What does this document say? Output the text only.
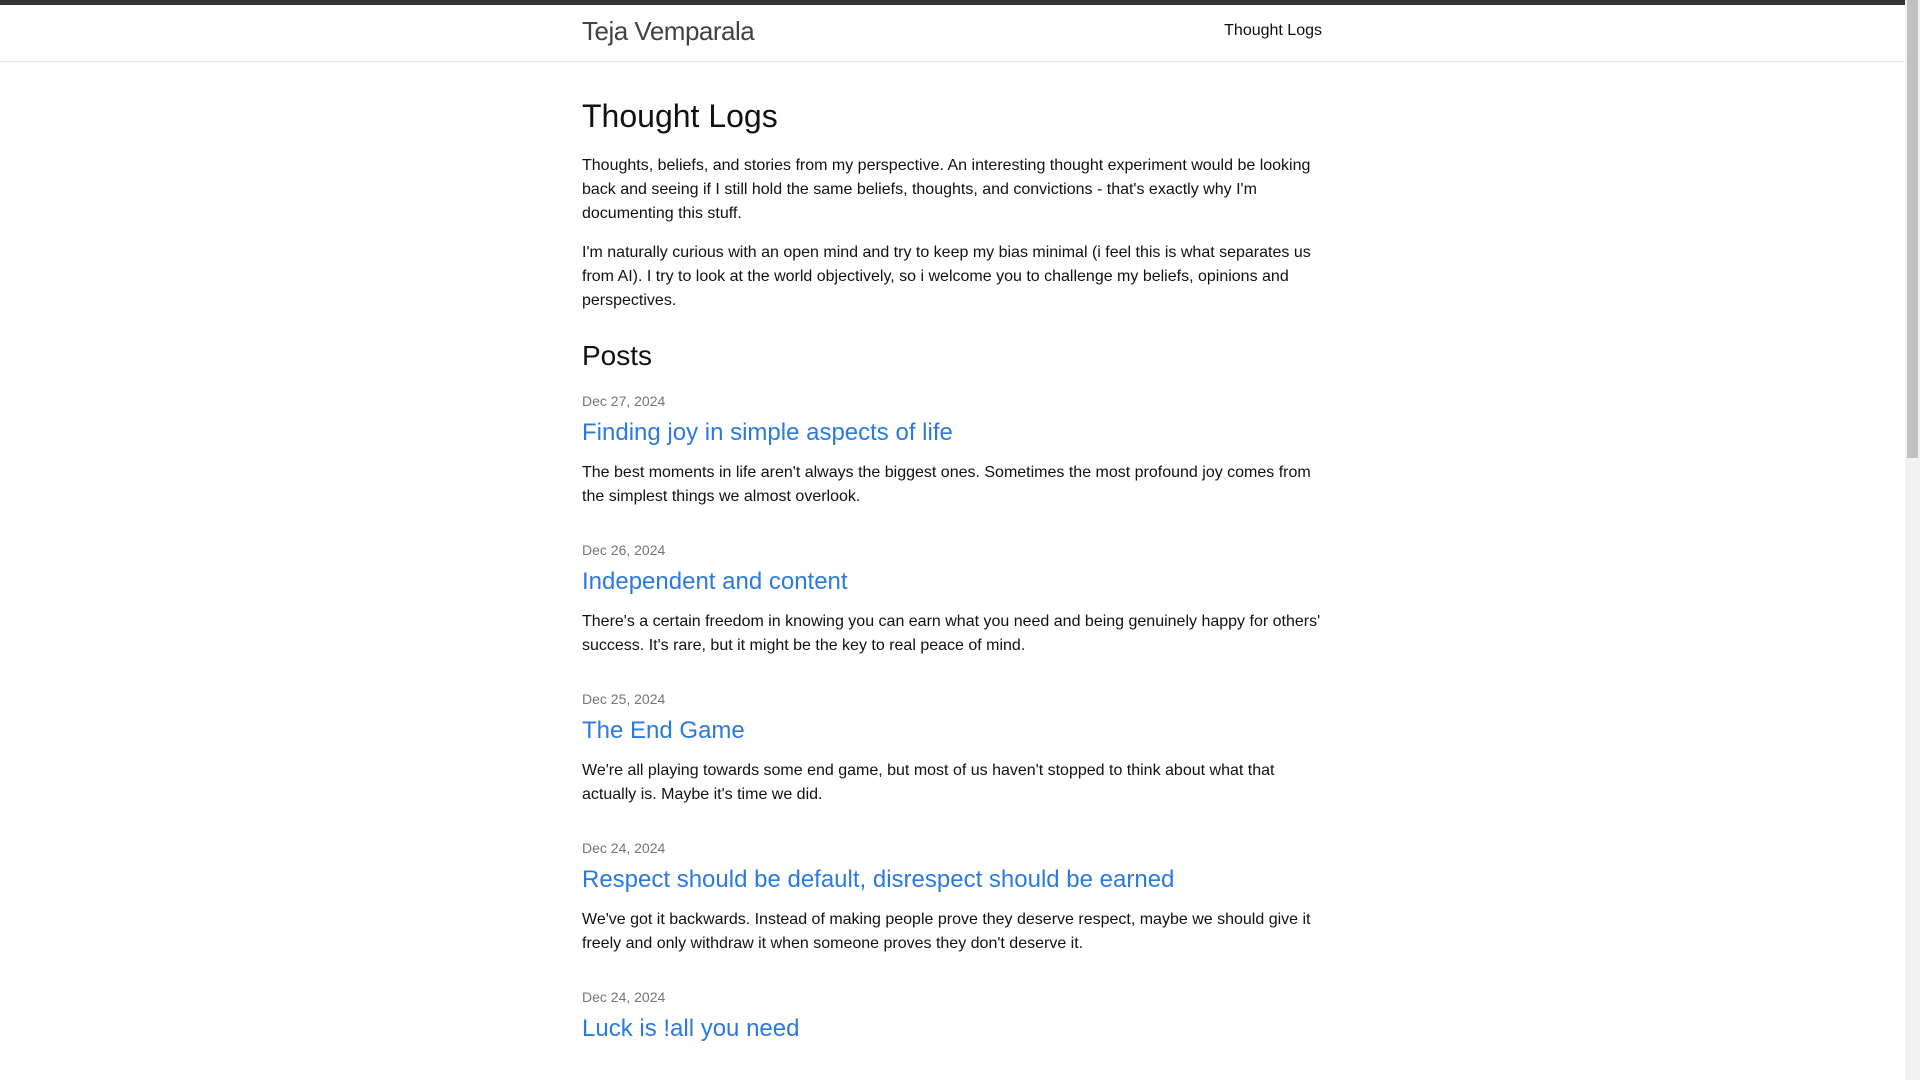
Teja Vemparala	Thought Logs
Thought Logs

Thoughts, beliefs, and stories from my perspective. An interesting thought experiment would be looking back and seeing if I still hold the same beliefs, thoughts, and convictions - that's exactly why I'm documenting this stuff.

I'm naturally curious with an open mind and try to keep my bias minimal (i feel this is what separates us from AI). I try to look at the world objectively, so i welcome you to challenge my beliefs, opinions and perspectives.

Posts
Dec 27, 2024
Finding joy in simple aspects of life

The best moments in life aren't always the biggest ones. Sometimes the most profound joy comes from the simplest things we almost overlook.

Dec 26, 2024
Independent and content

There's a certain freedom in knowing you can earn what you need and being genuinely happy for others' success. It's rare, but it might be the key to real peace of mind.

Dec 25, 2024
The End Game

We're all playing towards some end game, but most of us haven't stopped to think about what that actually is. Maybe it's time we did.

Dec 24, 2024
Respect should be default, disrespect should be earned

We've got it backwards. Instead of making people prove they deserve respect, maybe we should give it freely and only withdraw it when someone proves they don't deserve it.

Dec 24, 2024
Luck is !all you need
